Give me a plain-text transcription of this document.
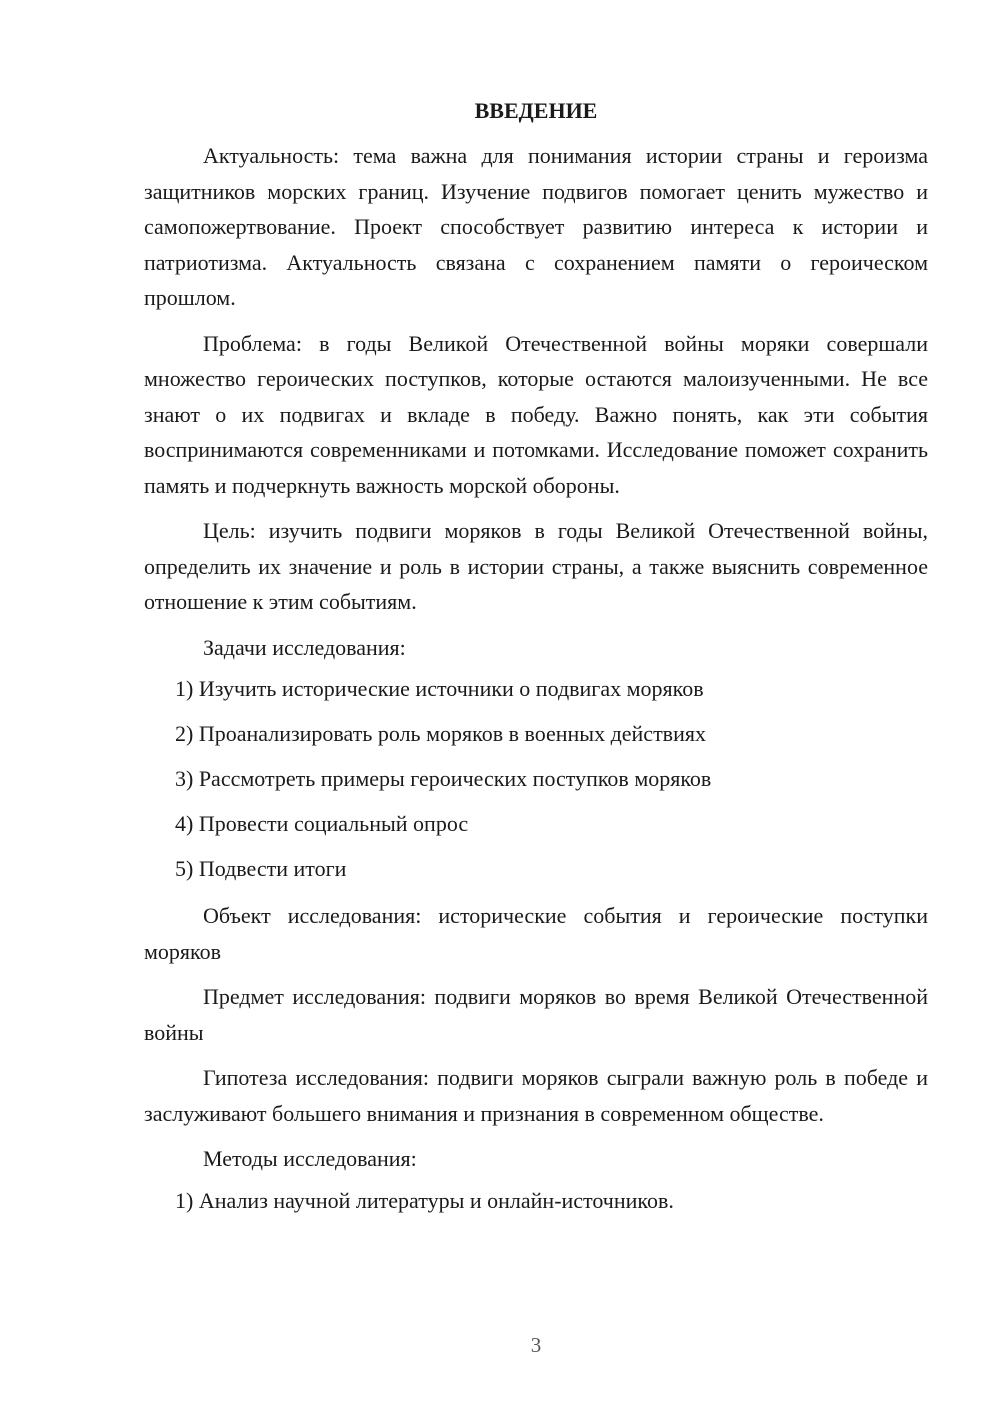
ВВЕДЕНИЕ
Актуальность: тема важна для понимания истории страны и героизма защитников морских границ. Изучение подвигов помогает ценить мужество и самопожертвование. Проект способствует развитию интереса к истории и патриотизма. Актуальность связана с сохранением памяти о героическом прошлом.
Проблема: в годы Великой Отечественной войны моряки совершали множество героических поступков, которые остаются малоизученными. Не все знают о их подвигах и вкладе в победу. Важно понять, как эти события воспринимаются современниками и потомками. Исследование поможет сохранить память и подчеркнуть важность морской обороны.
Цель: изучить подвиги моряков в годы Великой Отечественной войны, определить их значение и роль в истории страны, а также выяснить современное отношение к этим событиям.
Задачи исследования:
1) Изучить исторические источники о подвигах моряков
2) Проанализировать роль моряков в военных действиях
3) Рассмотреть примеры героических поступков моряков
4) Провести социальный опрос
5) Подвести итоги
Объект исследования: исторические события и героические поступки моряков
Предмет исследования: подвиги моряков во время Великой Отечественной войны
Гипотеза исследования: подвиги моряков сыграли важную роль в победе и заслуживают большего внимания и признания в современном обществе.
Методы исследования:
1) Анализ научной литературы и онлайн-источников.
3
